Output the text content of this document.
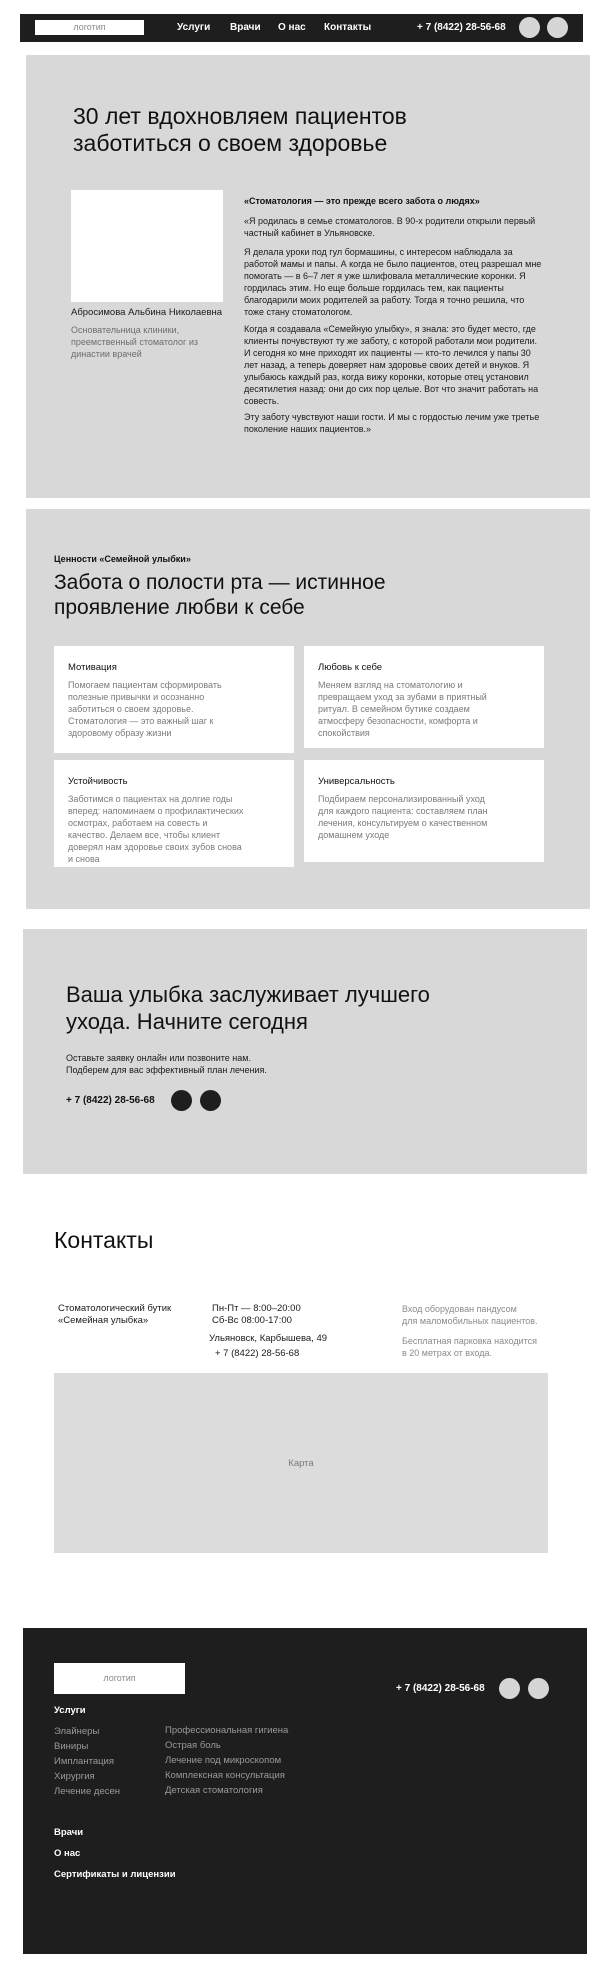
логотип	Услуги Врачи О нас Контакты	+ 7 (8422) 28-56-68
30 лет вдохновляем пациентов заботиться о своем здоровье
Абросимова Альбина Николаевна
Основательница клиники, преемственный стоматолог из династии врачей
«Стоматология — это прежде всего забота о людях»
«Я родилась в семье стоматологов. В 90-х родители открыли первый частный кабинет в Ульяновске.
Я делала уроки под гул бормашины, с интересом наблюдала за работой мамы и папы. А когда не было пациентов, отец разрешал мне помогать — в 6–7 лет я уже шлифовала металлические коронки. Я гордилась этим. Но еще больше гордилась тем, как пациенты благодарили моих родителей за работу. Тогда я точно решила, что тоже стану стоматологом.
Когда я создавала «Семейную улыбку», я знала: это будет место, где клиенты почувствуют ту же заботу, с которой работали мои родители. И сегодня ко мне приходят их пациенты — кто-то лечился у папы 30 лет назад, а теперь доверяет нам здоровье своих детей и внуков. Я улыбаюсь каждый раз, когда вижу коронки, которые отец установил десятилетия назад: они до сих пор целые. Вот что значит работать на совесть.
Эту заботу чувствуют наши гости. И мы с гордостью лечим уже третье поколение наших пациентов.»
Ценности «Семейной улыбки»
Забота о полости рта — истинное проявление любви к себе
Мотивация
Помогаем пациентам сформировать полезные привычки и осознанно заботиться о своем здоровье. Стоматология — это важный шаг к здоровому образу жизни
Любовь к себе
Меняем взгляд на стоматологию и превращаем уход за зубами в приятный ритуал. В семейном бутике создаем атмосферу безопасности, комфорта и спокойствия
Устойчивость
Заботимся о пациентах на долгие годы вперед: напоминаем о профилактических осмотрах, работаем на совесть и качество. Делаем все, чтобы клиент доверял нам здоровье своих зубов снова и снова
Универсальность
Подбираем персонализированный уход для каждого пациента: составляем план лечения, консультируем о качественном домашнем уходе
Ваша улыбка заслуживает лучшего ухода. Начните сегодня
Оставьте заявку онлайн или позвоните нам.
Подберем для вас эффективный план лечения.
+ 7 (8422) 28-56-68
Контакты
Стоматологический бутик
«Семейная улыбка»
Пн-Пт — 8:00–20:00
Сб-Вс 08:00-17:00
Ульяновск, Карбышева, 49
+ 7 (8422) 28-56-68
Вход оборудован пандусом
для маломобильных пациентов.
Бесплатная парковка находится
в 20 метрах от входа.
Карта
логотип
+ 7 (8422) 28-56-68
Услуги
Элайнеры
Виниры
Имплантация
Хирургия
Лечение десен
Профессиональная гигиена
Острая боль
Лечение под микроскопом
Комплексная консультация
Детская стоматология
Врачи
О нас
Сертификаты и лицензии
